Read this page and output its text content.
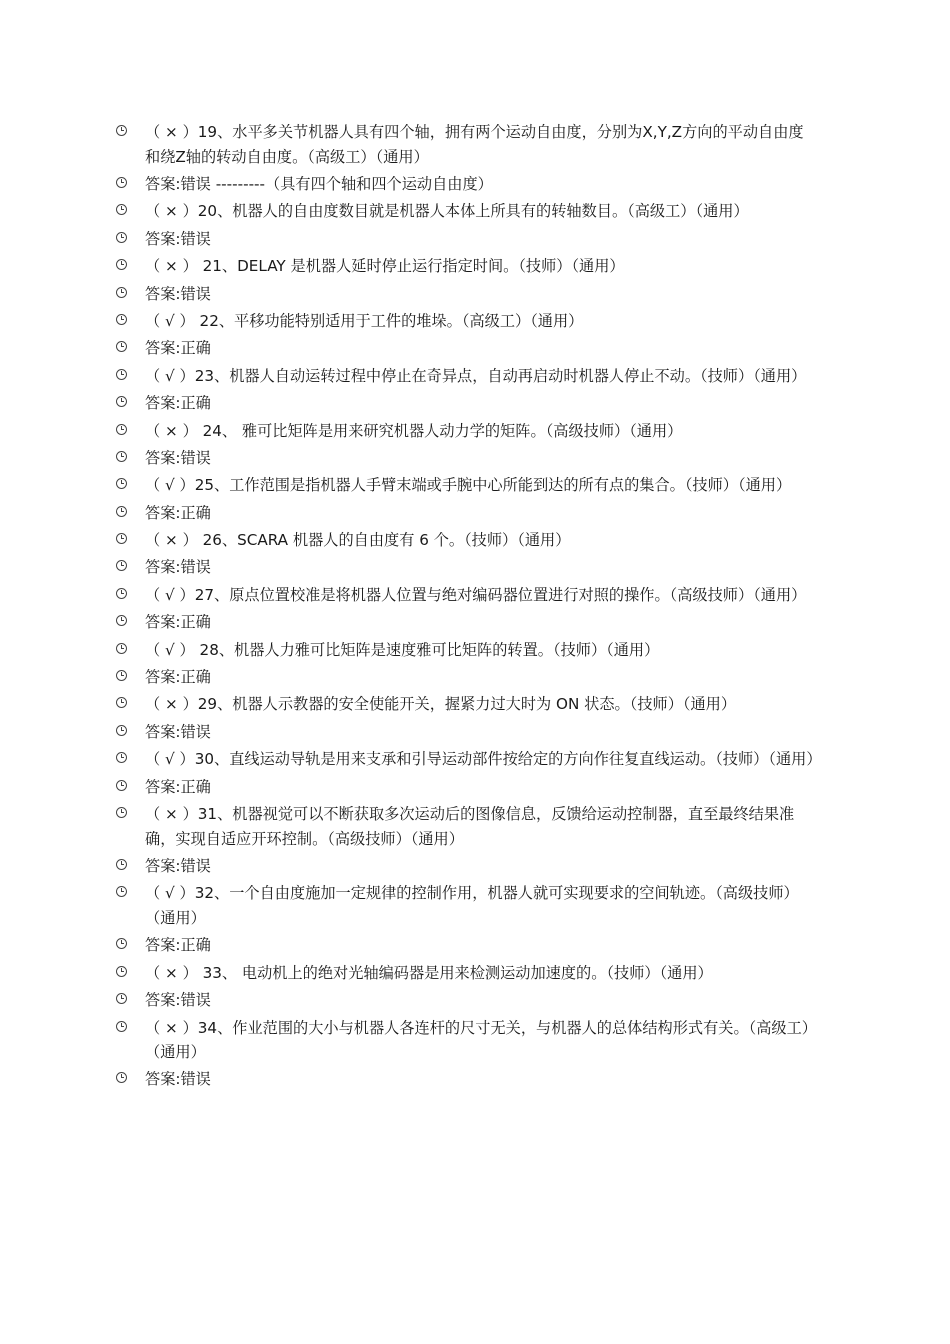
（ × ）19、水平多关节机器人具有四个轴，拥有两个运动自由度，分别为X,Y,Z方向的平动自由度和绕Z轴的转动自由度。（高级工）（通用）
答案:错误 ---------（具有四个轴和四个运动自由度）
（ × ）20、机器人的自由度数目就是机器人本体上所具有的转轴数目。（高级工）（通用）
答案:错误
（ × ） 21、DELAY 是机器人延时停止运行指定时间。（技师）（通用）
答案:错误
（ √ ） 22、平移功能特别适用于工件的堆垛。（高级工）（通用）
答案:正确
（ √ ）23、机器人自动运转过程中停止在奇异点，自动再启动时机器人停止不动。（技师）（通用）
答案:正确
（ × ） 24、 雅可比矩阵是用来研究机器人动力学的矩阵。（高级技师）（通用）
答案:错误
（ √ ）25、工作范围是指机器人手臂末端或手腕中心所能到达的所有点的集合。（技师）（通用）
答案:正确
（ × ） 26、SCARA 机器人的自由度有 6 个。（技师）（通用）
答案:错误
（ √ ）27、原点位置校准是将机器人位置与绝对编码器位置进行对照的操作。（高级技师）（通用）
答案:正确
（ √ ） 28、机器人力雅可比矩阵是速度雅可比矩阵的转置。（技师）（通用）
答案:正确
（ × ）29、机器人示教器的安全使能开关，握紧力过大时为 ON 状态。（技师）（通用）
答案:错误
（ √ ）30、直线运动导轨是用来支承和引导运动部件按给定的方向作往复直线运动。（技师）（通用）
答案:正确
（ × ）31、机器视觉可以不断获取多次运动后的图像信息，反馈给运动控制器，直至最终结果准确，实现自适应开环控制。（高级技师）（通用）
答案:错误
（ √ ）32、一个自由度施加一定规律的控制作用，机器人就可实现要求的空间轨迹。（高级技师）（通用）
答案:正确
（ × ） 33、 电动机上的绝对光轴编码器是用来检测运动加速度的。（技师）（通用）
答案:错误
（ × ）34、作业范围的大小与机器人各连杆的尺寸无关，与机器人的总体结构形式有关。（高级工）（通用）
答案:错误
